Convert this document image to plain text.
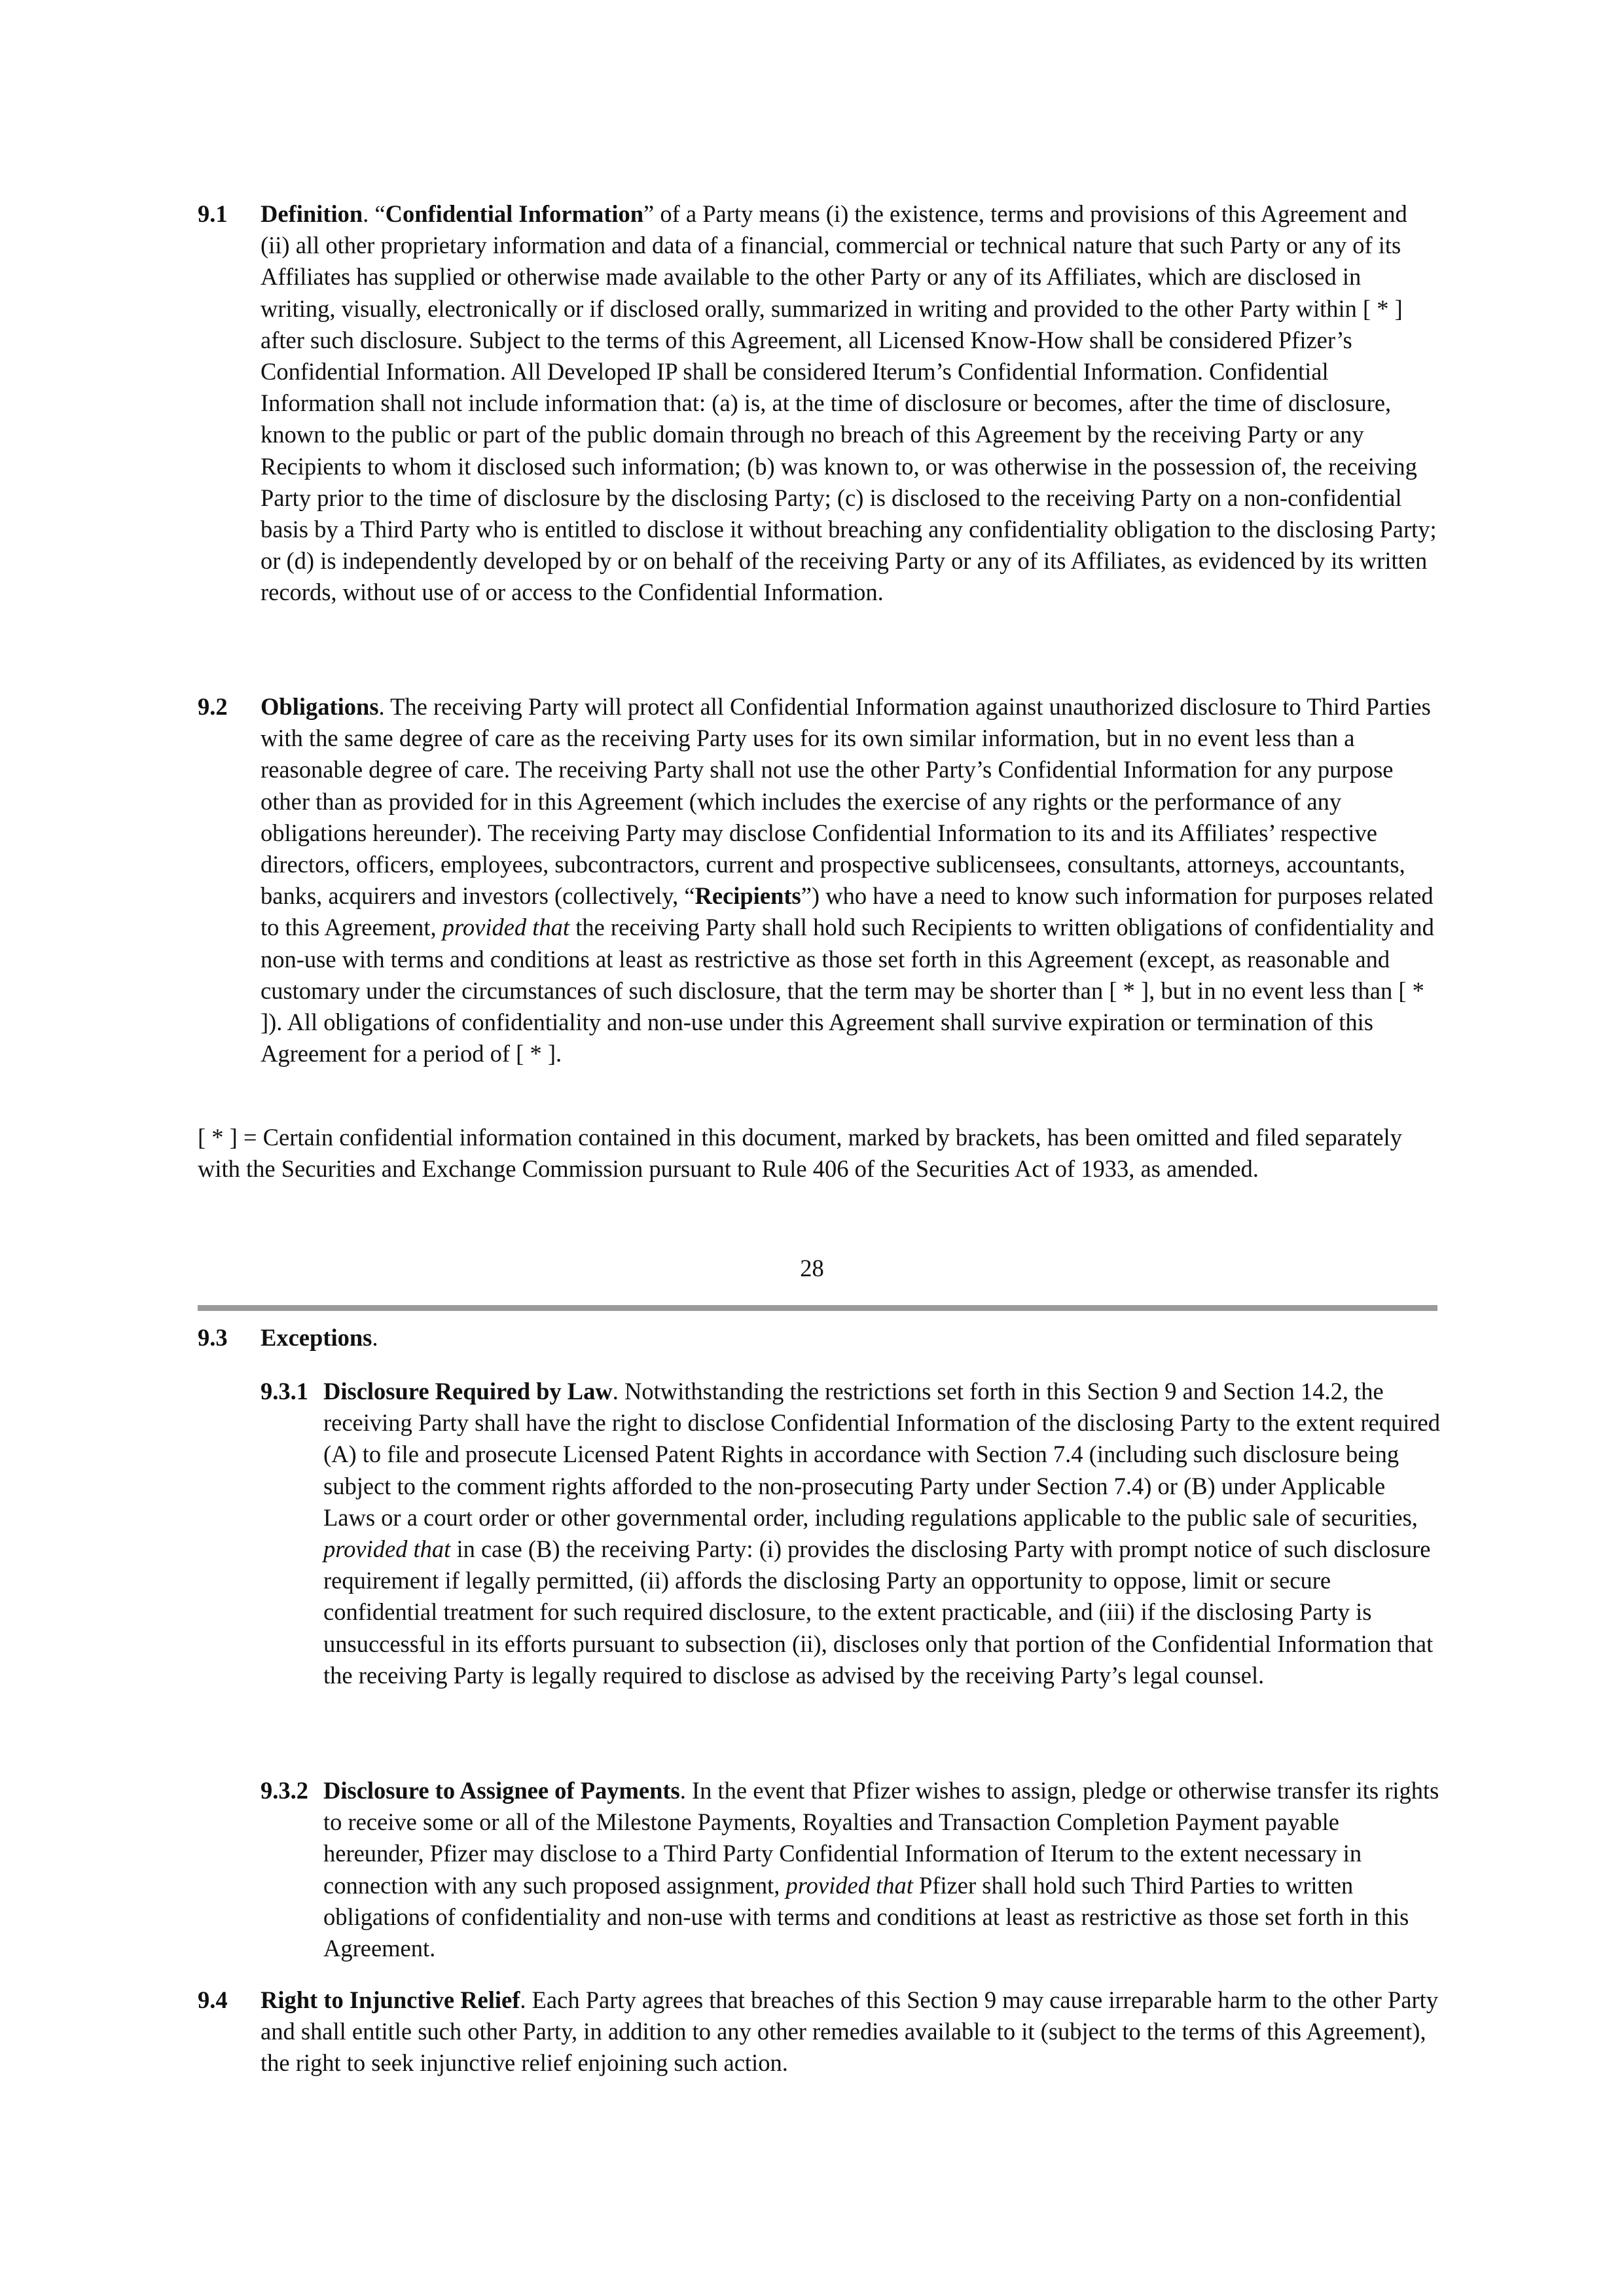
9.1 Definition. “Confidential Information” of a Party means (i) the existence, terms and provisions of this Agreement and (ii) all other proprietary information and data of a financial, commercial or technical nature that such Party or any of its Affiliates has supplied or otherwise made available to the other Party or any of its Affiliates, which are disclosed in writing, visually, electronically or if disclosed orally, summarized in writing and provided to the other Party within [ * ] after such disclosure. Subject to the terms of this Agreement, all Licensed Know-How shall be considered Pfizer’s Confidential Information. All Developed IP shall be considered Iterum’s Confidential Information. Confidential Information shall not include information that: (a) is, at the time of disclosure or becomes, after the time of disclosure, known to the public or part of the public domain through no breach of this Agreement by the receiving Party or any Recipients to whom it disclosed such information; (b) was known to, or was otherwise in the possession of, the receiving Party prior to the time of disclosure by the disclosing Party; (c) is disclosed to the receiving Party on a non-confidential basis by a Third Party who is entitled to disclose it without breaching any confidentiality obligation to the disclosing Party; or (d) is independently developed by or on behalf of the receiving Party or any of its Affiliates, as evidenced by its written records, without use of or access to the Confidential Information.

9.2 Obligations. The receiving Party will protect all Confidential Information against unauthorized disclosure to Third Parties with the same degree of care as the receiving Party uses for its own similar information, but in no event less than a reasonable degree of care. The receiving Party shall not use the other Party’s Confidential Information for any purpose other than as provided for in this Agreement (which includes the exercise of any rights or the performance of any obligations hereunder). The receiving Party may disclose Confidential Information to its and its Affiliates’ respective directors, officers, employees, subcontractors, current and prospective sublicensees, consultants, attorneys, accountants, banks, acquirers and investors (collectively, “Recipients”) who have a need to know such information for purposes related to this Agreement, provided that the receiving Party shall hold such Recipients to written obligations of confidentiality and non-use with terms and conditions at least as restrictive as those set forth in this Agreement (except, as reasonable and customary under the circumstances of such disclosure, that the term may be shorter than [ * ], but in no event less than [ * ]). All obligations of confidentiality and non-use under this Agreement shall survive expiration or termination of this Agreement for a period of [ * ].

[ * ] = Certain confidential information contained in this document, marked by brackets, has been omitted and filed separately with the Securities and Exchange Commission pursuant to Rule 406 of the Securities Act of 1933, as amended.

28
9.3 Exceptions.

9.3.1 Disclosure Required by Law. Notwithstanding the restrictions set forth in this Section 9 and Section 14.2, the receiving Party shall have the right to disclose Confidential Information of the disclosing Party to the extent required (A) to file and prosecute Licensed Patent Rights in accordance with Section 7.4 (including such disclosure being subject to the comment rights afforded to the non-prosecuting Party under Section 7.4) or (B) under Applicable Laws or a court order or other governmental order, including regulations applicable to the public sale of securities, provided that in case (B) the receiving Party: (i) provides the disclosing Party with prompt notice of such disclosure requirement if legally permitted, (ii) affords the disclosing Party an opportunity to oppose, limit or secure confidential treatment for such required disclosure, to the extent practicable, and (iii) if the disclosing Party is unsuccessful in its efforts pursuant to subsection (ii), discloses only that portion of the Confidential Information that the receiving Party is legally required to disclose as advised by the receiving Party’s legal counsel.

9.3.2 Disclosure to Assignee of Payments. In the event that Pfizer wishes to assign, pledge or otherwise transfer its rights to receive some or all of the Milestone Payments, Royalties and Transaction Completion Payment payable hereunder, Pfizer may disclose to a Third Party Confidential Information of Iterum to the extent necessary in connection with any such proposed assignment, provided that Pfizer shall hold such Third Parties to written obligations of confidentiality and non-use with terms and conditions at least as restrictive as those set forth in this Agreement.

9.4 Right to Injunctive Relief. Each Party agrees that breaches of this Section 9 may cause irreparable harm to the other Party and shall entitle such other Party, in addition to any other remedies available to it (subject to the terms of this Agreement), the right to seek injunctive relief enjoining such action.
